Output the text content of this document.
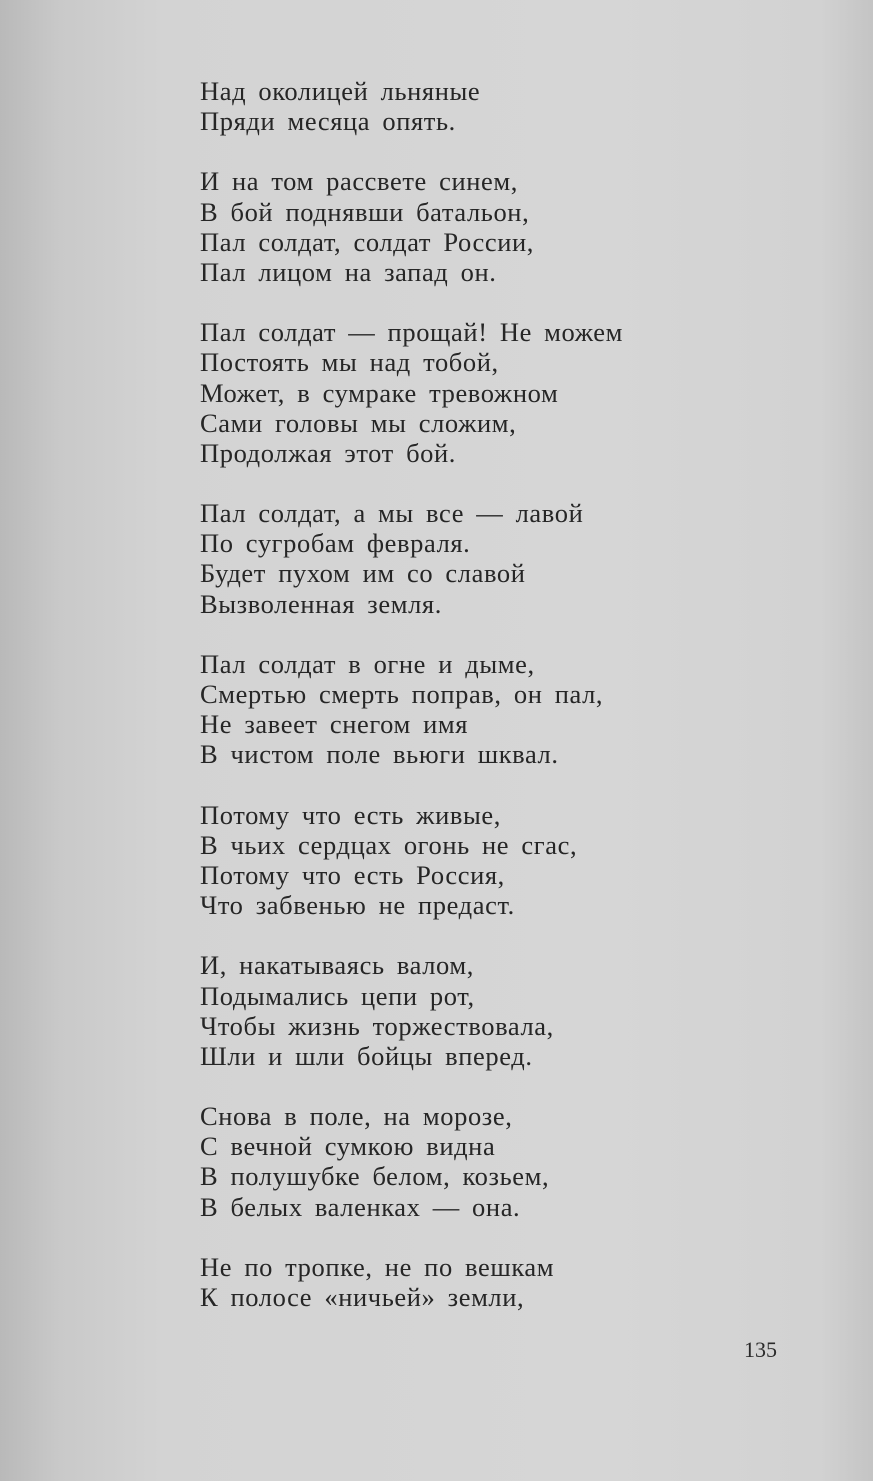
Над околицей льняные
Пряди месяца опять.
И на том рассвете синем,
В бой поднявши батальон,
Пал солдат, солдат России,
Пал лицом на запад он.
Пал солдат — прощай! Не можем
Постоять мы над тобой,
Может, в сумраке тревожном
Сами головы мы сложим,
Продолжая этот бой.
Пал солдат, а мы все — лавой
По сугробам февраля.
Будет пухом им со славой
Вызволенная земля.
Пал солдат в огне и дыме,
Смертью смерть поправ, он пал,
Не завеет снегом имя
В чистом поле вьюги шквал.
Потому что есть живые,
В чьих сердцах огонь не сгас,
Потому что есть Россия,
Что забвенью не предаст.
И, накатываясь валом,
Подымались цепи рот,
Чтобы жизнь торжествовала,
Шли и шли бойцы вперед.
Снова в поле, на морозе,
С вечной сумкою видна
В полушубке белом, козьем,
В белых валенках — она.
Не по тропке, не по вешкам
К полосе «ничьей» земли,
135
